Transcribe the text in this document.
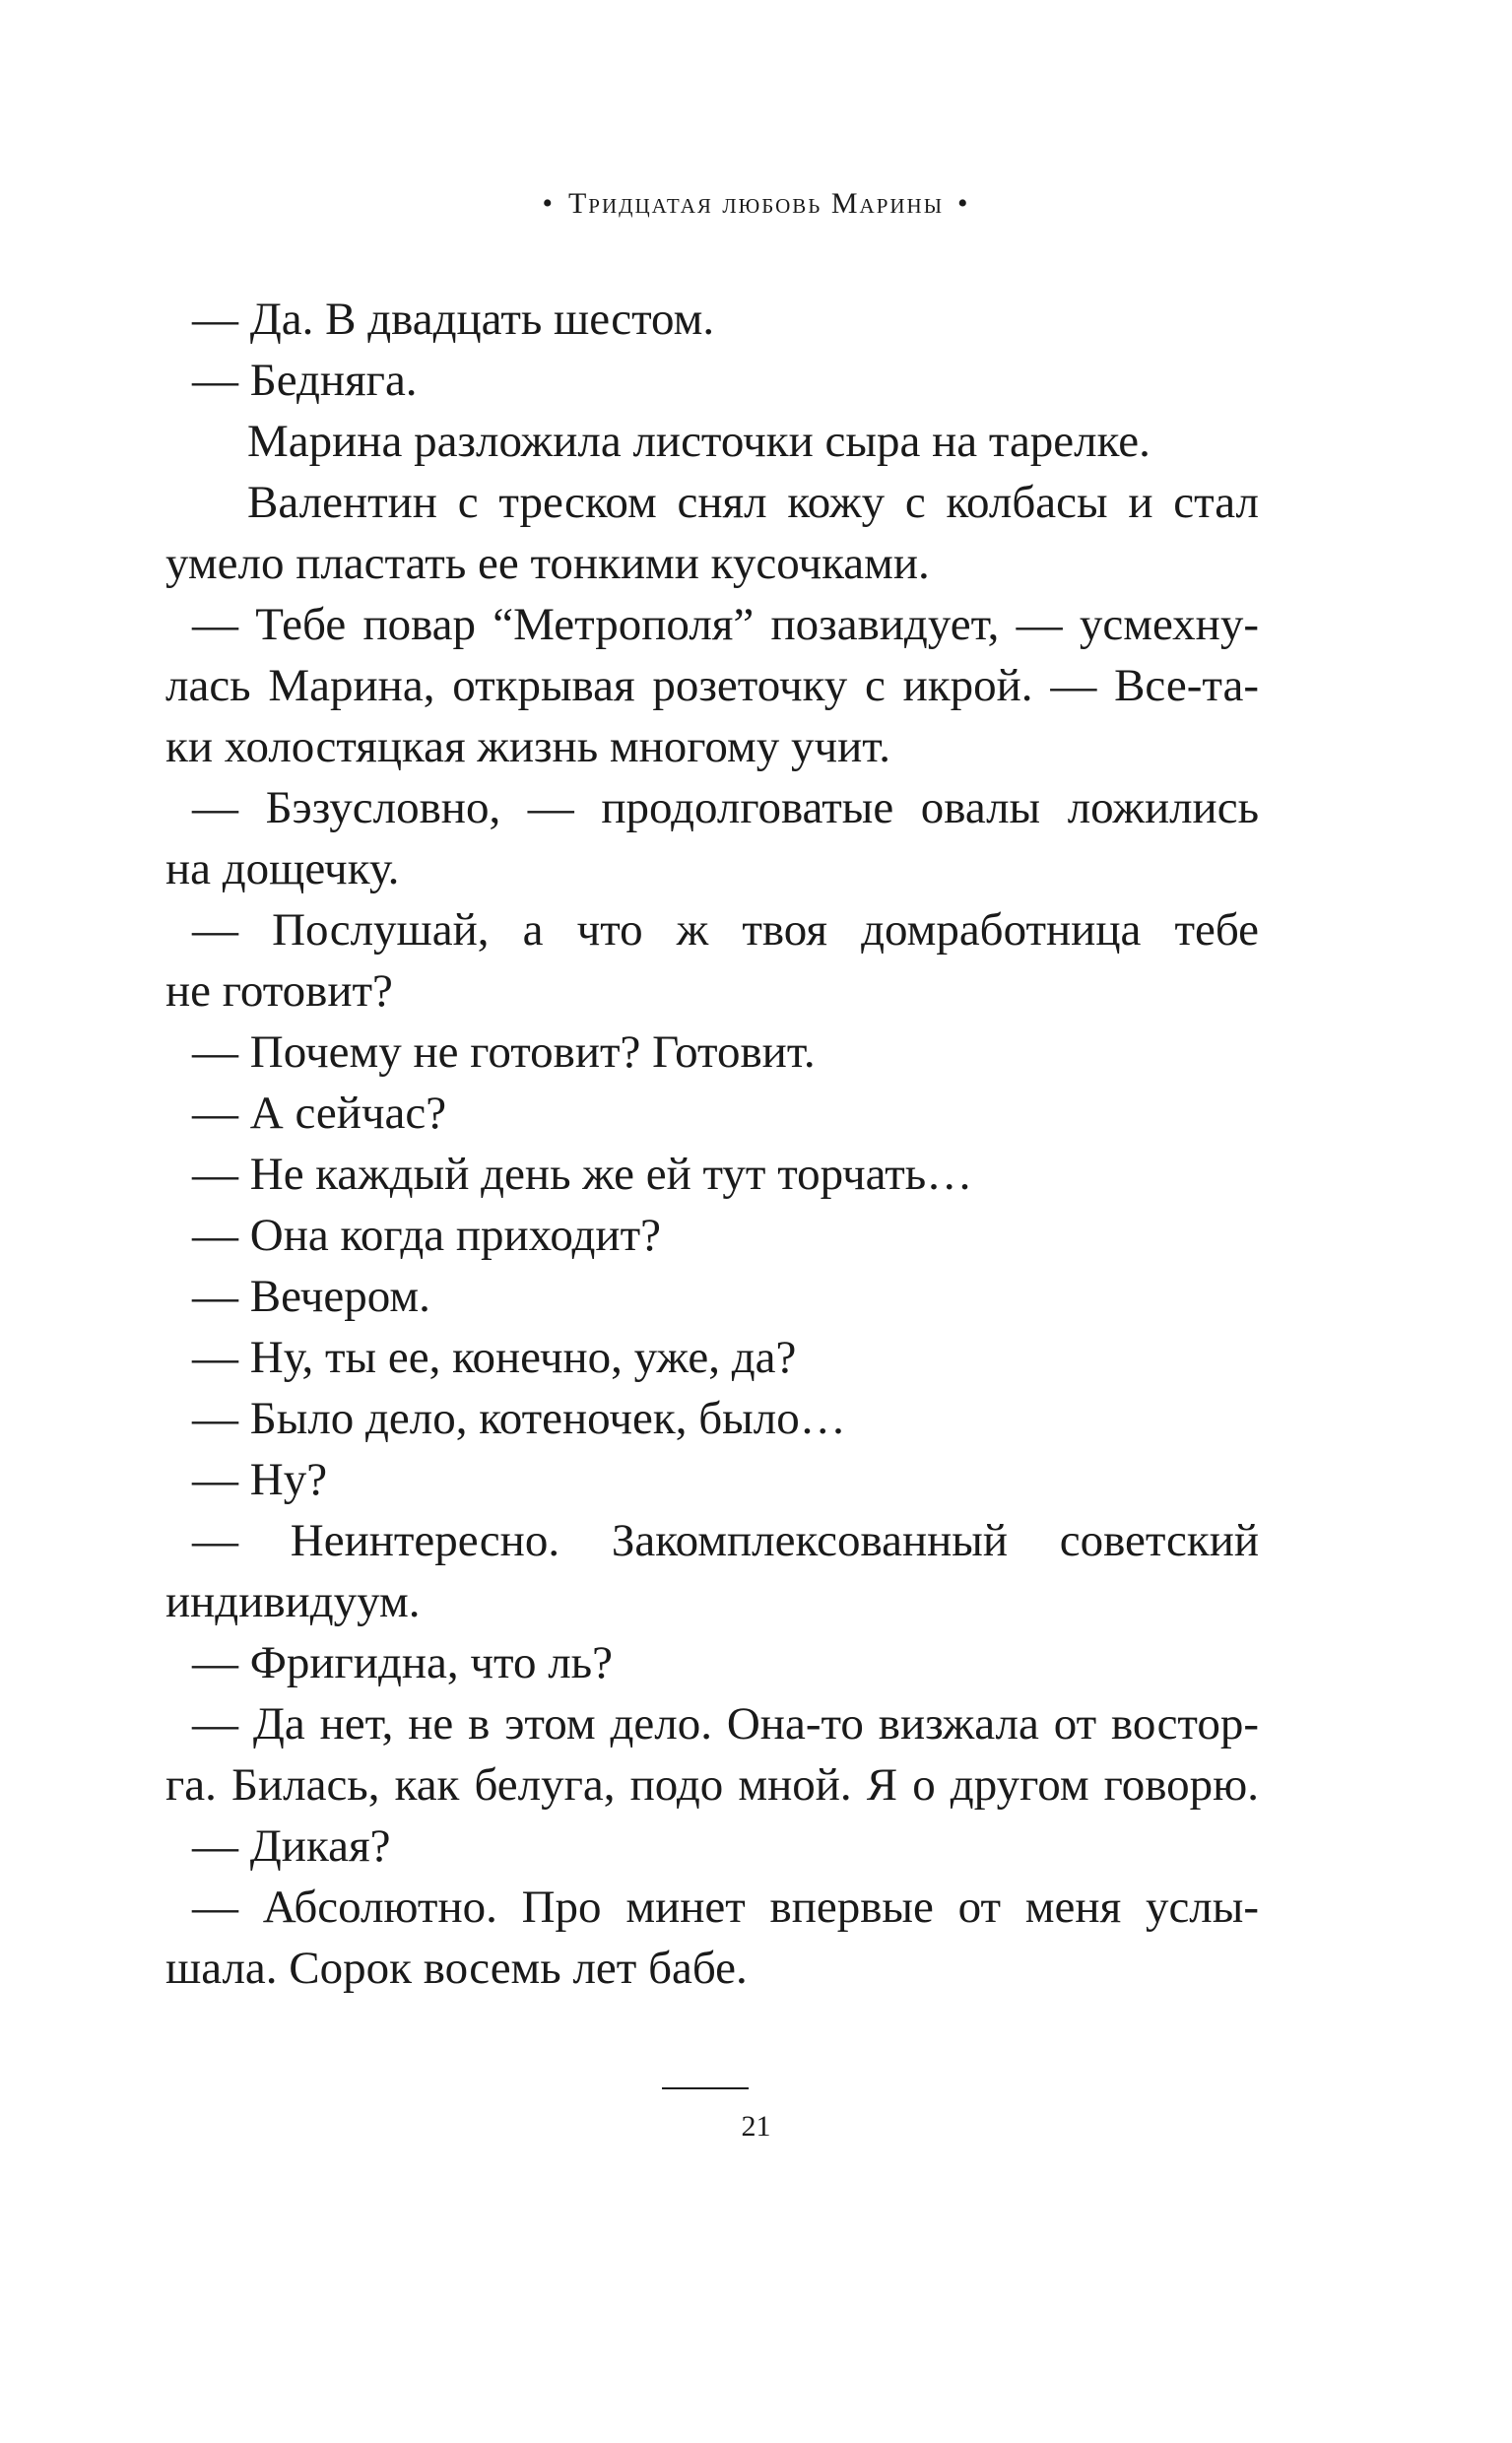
• Тридцатая любовь Марины •
— Да. В двадцать шестом.
— Бедняга.
Марина разложила листочки сыра на тарелке.
Валентин с треском снял кожу с колбасы и стал
умело пластать ее тонкими кусочками.
— Тебе повар “Метрополя” позавидует, — усмехну-
лась Марина, открывая розеточку с икрой. — Все-та-
ки холостяцкая жизнь многому учит.
— Бэзусловно, — продолговатые овалы ложились
на дощечку.
— Послушай, а что ж твоя домработница тебе
не готовит?
— Почему не готовит? Готовит.
— А сейчас?
— Не каждый день же ей тут торчать…
— Она когда приходит?
— Вечером.
— Ну, ты ее, конечно, уже, да?
— Было дело, котеночек, было…
— Ну?
— Неинтересно. Закомплексованный советский
индивидуум.
— Фригидна, что ль?
— Да нет, не в этом дело. Она-то визжала от востор-
га. Билась, как белуга, подо мной. Я о другом говорю.
— Дикая?
— Абсолютно. Про минет впервые от меня услы-
шала. Сорок восемь лет бабе.
21
